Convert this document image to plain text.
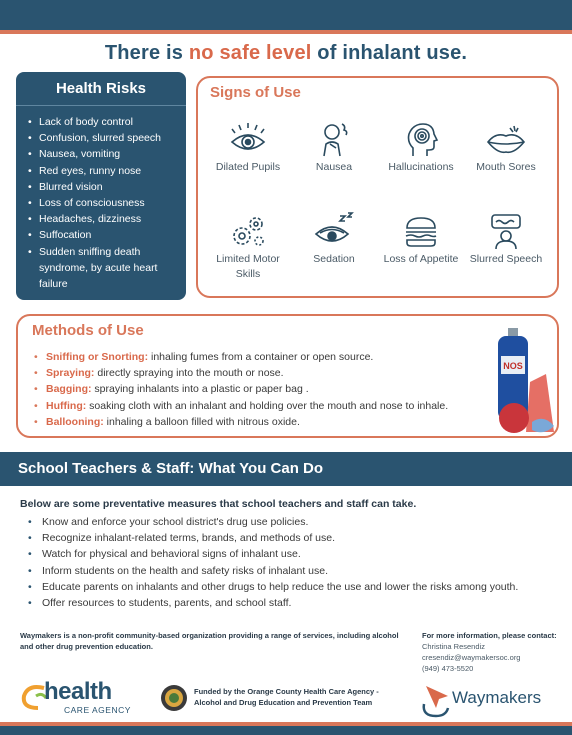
There is no safe level of inhalant use.
Health Risks
• Lack of body control
• Confusion, slurred speech
• Nausea, vomiting
• Red eyes, runny nose
• Blurred vision
• Loss of consciousness
• Headaches, dizziness
• Suffocation
• Sudden sniffing death syndrome, by acute heart failure
Signs of Use
Dilated Pupils	Nausea	Hallucinations	Mouth Sores
Limited Motor Skills
Sedation	Loss of Appetite	Slurred Speech
Methods of Use
• Sniffing or Snorting: inhaling fumes from a container or open source.
• Spraying: directly spraying into the mouth or nose.
• Bagging: spraying inhalants into a plastic or paper bag .
• Huffing: soaking cloth with an inhalant and holding over the mouth and nose to inhale.
• Ballooning: inhaling a balloon filled with nitrous oxide.
NOS
School Teachers & Staff: What You Can Do
Below are some preventative measures that school teachers and staff can take.
• Know and enforce your school district's drug use policies.
• Recognize inhalant-related terms, brands, and methods of use.
• Watch for physical and behavioral signs of inhalant use.
• Inform students on the health and safety risks of inhalant use.
• Educate parents on inhalants and other drugs to help reduce the use and lower the risks among youth.
• Offer resources to students, parents, and school staff.
Waymakers is a non-profit community-based organization providing a range of services, including alcohol and other drug prevention education.
For more information, please contact:
Christina Resendiz
cresendiz@waymakersoc.org
(949) 473-5520
health
CARE AGENCY
Funded by the Orange County Health Care Agency - Alcohol and Drug Education and Prevention Team	Waymakers
